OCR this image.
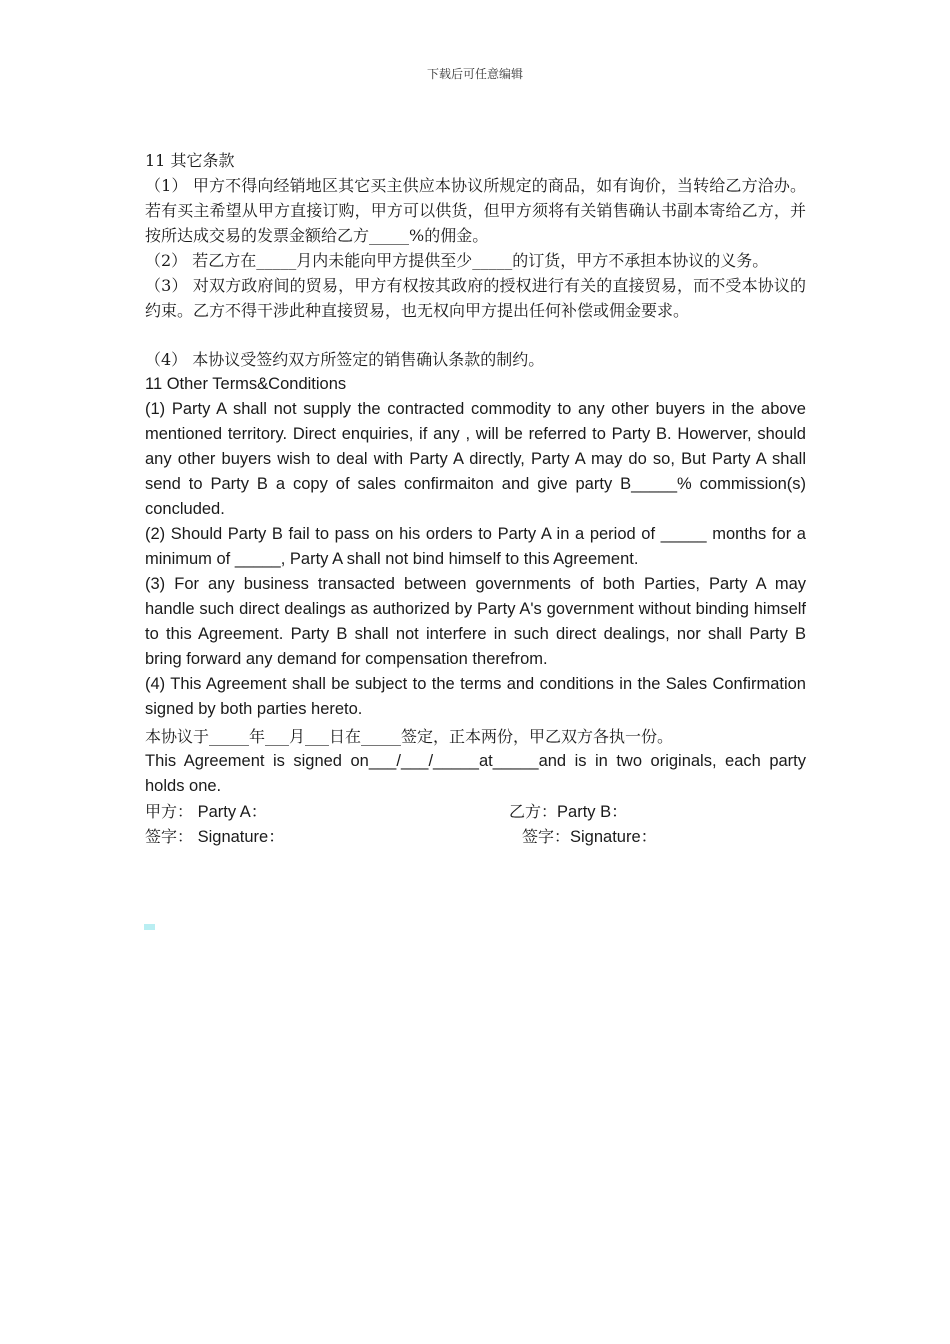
下载后可任意编辑

11 其它条款

（1） 甲方不得向经销地区其它买主供应本协议所规定的商品，如有询价，当转给乙方洽办。若有买主希望从甲方直接订购，甲方可以供货，但甲方须将有关销售确认书副本寄给乙方，并按所达成交易的发票金额给乙方_____%的佣金。

（2） 若乙方在_____月内未能向甲方提供至少_____的订货，甲方不承担本协议的义务。

（3） 对双方政府间的贸易，甲方有权按其政府的授权进行有关的直接贸易，而不受本协议的约束。乙方不得干涉此种直接贸易，也无权向甲方提出任何补偿或佣金要求。

（4） 本协议受签约双方所签定的销售确认条款的制约。

11 Other Terms&Conditions

(1) Party A shall not supply the contracted commodity to any other buyers in the above mentioned territory. Direct enquiries, if any , will be referred to Party B. Howerver, should any other buyers wish to deal with Party A directly, Party A may do so, But Party A shall send to Party B a copy of sales confirmaiton and give party B_____% commission(s) concluded.

(2) Should Party B fail to pass on his orders to Party A in a period of _____ months for a minimum of _____, Party A shall not bind himself to this Agreement.

(3) For any business transacted between governments of both Parties, Party A may handle such direct dealings as authorized by Party A's government without binding himself to this Agreement. Party B shall not interfere in such direct dealings, nor shall Party B bring forward any demand for compensation therefrom.

(4) This Agreement shall be subject to the terms and conditions in the Sales Confirmation signed by both parties hereto.

本协议于_____年___月___日在_____签定，正本两份，甲乙双方各执一份。

This Agreement is signed on___/___/_____at_____and is in two originals, each party holds one.

甲方： Party A：	乙方：Party B：
签字： Signature：	签字：Signature：
